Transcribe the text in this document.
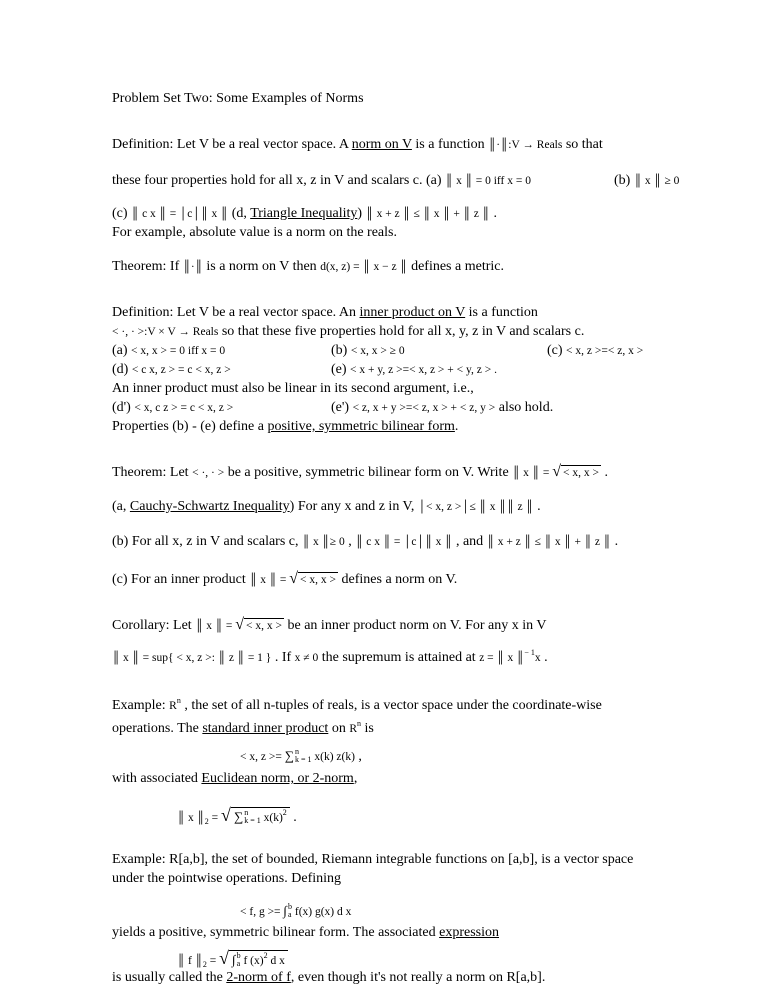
Problem Set Two: Some Examples of Norms
Definition: Let V be a real vector space. A norm on V is a function ║·║:V → Reals so that
these four properties hold for all x, z in V and scalars c. (a) ║ x ║ = 0 iff x = 0	(b) ║ x ║ ≥ 0
(c) ║ c x ║ = │c│║ x ║ (d, Triangle Inequality) ║ x + z ║ ≤ ║ x ║ + ║ z ║ .
For example, absolute value is a norm on the reals.
Theorem: If ║·║ is a norm on V then d(x, z) = ║ x − z ║ defines a metric.
Definition: Let V be a real vector space. An inner product on V is a function
< ·, · >:V × V → Reals so that these five properties hold for all x, y, z in V and scalars c.
(a) < x, x > = 0 iff x = 0	(b) < x, x > ≥ 0	(c) < x, z >=< z, x >
(d) < c x, z > = c < x, z >	(e) < x + y, z >=< x, z > + < y, z > .
An inner product must also be linear in its second argument, i.e.,
(d') < x, c z > = c < x, z >	(e') < z, x + y >=< z, x > + < z, y > also hold.
Properties (b) - (e) define a positive, symmetric bilinear form.
Theorem: Let < ·, · > be a positive, symmetric bilinear form on V. Write ║ x ║ = √ < x, x > .
(a, Cauchy-Schwartz Inequality) For any x and z in V, │< x, z >│≤ ║ x ║║ z ║ .
(b) For all x, z in V and scalars c, ║ x ║≥ 0 , ║ c x ║ = │c│║ x ║ , and ║ x + z ║ ≤ ║ x ║ + ║ z ║ .
(c) For an inner product ║ x ║ = √ < x, x > defines a norm on V.
Corollary: Let ║ x ║ = √ < x, x > be an inner product norm on V. For any x in V
║ x ║ = sup{ < x, z >: ║ z ║ = 1 } . If x ≠ 0 the supremum is attained at z = ║ x ║$^{- 1}$x .
Example: $R^n$ , the set of all n-tuples of reals, is a vector space under the coordinate-wise
operations. The standard inner product on $R^n$ is
< x, z >= ∑ n
k = 1 x(k) z(k) ,
with associated Euclidean norm, or 2-norm,
║ x $║_2$ = √ ∑ n
k = 1 $x(k)^2$ .
Example: R[a,b], the set of bounded, Riemann integrable functions on [a,b], is a vector space
under the pointwise operations. Defining
< f, g >= ∫ b
a f(x) g(x) d x
yields a positive, symmetric bilinear form. The associated expression
║ f $║_2$ = √ ∫ b
a f $(x)^2$ d x
is usually called the 2-norm of f, even though it's not really a norm on R[a,b].
